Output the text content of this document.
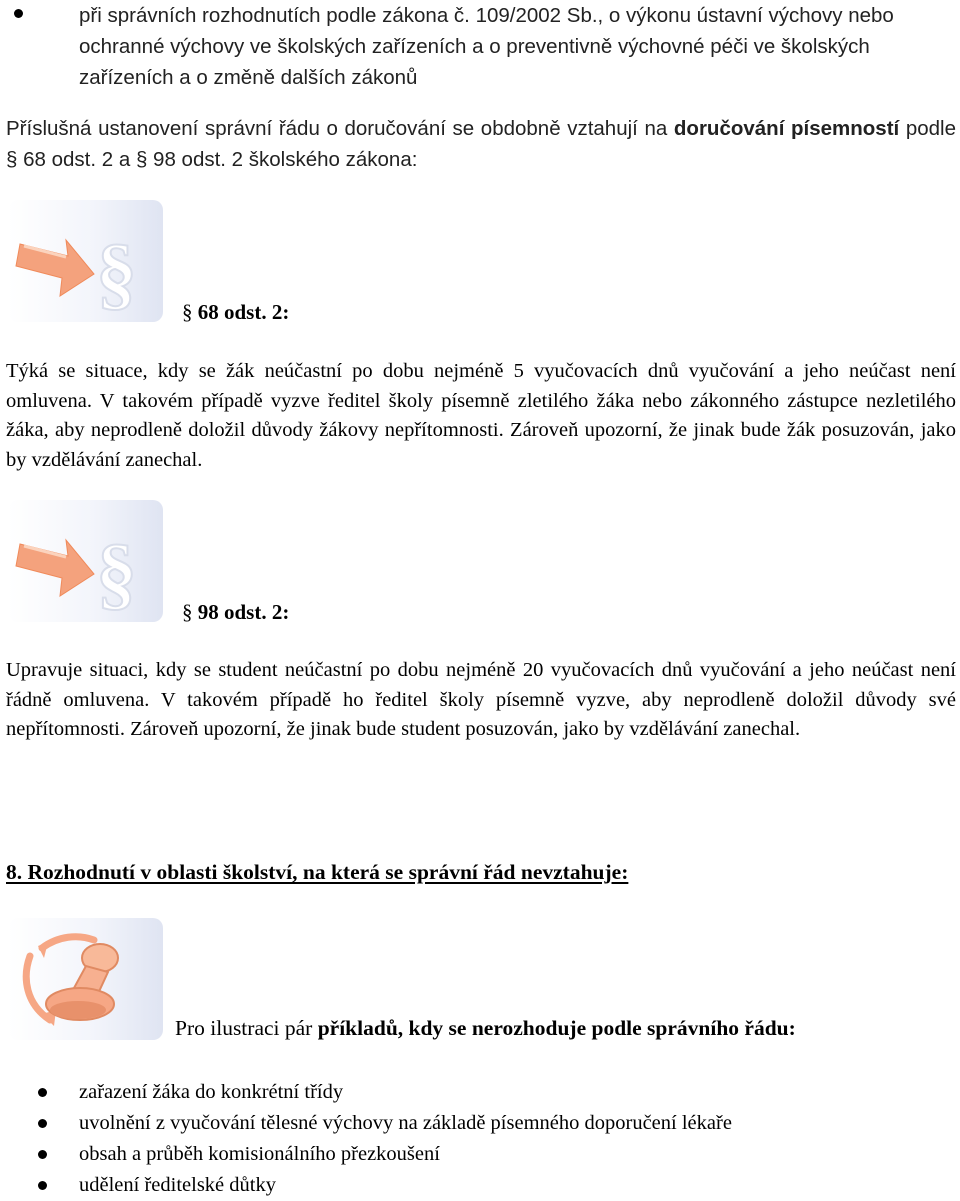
při správních rozhodnutích podle zákona č. 109/2002 Sb., o výkonu ústavní výchovy nebo ochranné výchovy ve školských zařízeních a o preventivně výchovné péči ve školských zařízeních a o změně dalších zákonů
Příslušná ustanovení správní řádu o doručování se obdobně vztahují na doručování písemností podle § 68 odst. 2 a § 98 odst. 2 školského zákona:
§ § 68 odst. 2:
Týká se situace, kdy se žák neúčastní po dobu nejméně 5 vyučovacích dnů vyučování a jeho neúčast není omluvena. V takovém případě vyzve ředitel školy písemně zletilého žáka nebo zákonného zástupce nezletilého žáka, aby neprodleně doložil důvody žákovy nepřítomnosti. Zároveň upozorní, že jinak bude žák posuzován, jako by vzdělávání zanechal.
§ § 98 odst. 2:
Upravuje situaci, kdy se student neúčastní po dobu nejméně 20 vyučovacích dnů vyučování a jeho neúčast není řádně omluvena. V takovém případě ho ředitel školy písemně vyzve, aby neprodleně doložil důvody své nepřítomnosti. Zároveň upozorní, že jinak bude student posuzován, jako by vzdělávání zanechal.
8. Rozhodnutí v oblasti školství, na která se správní řád nevztahuje:
Pro ilustraci pár příkladů, kdy se nerozhoduje podle správního řádu:
zařazení žáka do konkrétní třídy
uvolnění z vyučování tělesné výchovy na základě písemného doporučení lékaře
obsah a průběh komisionálního přezkoušení
udělení ředitelské důtky
